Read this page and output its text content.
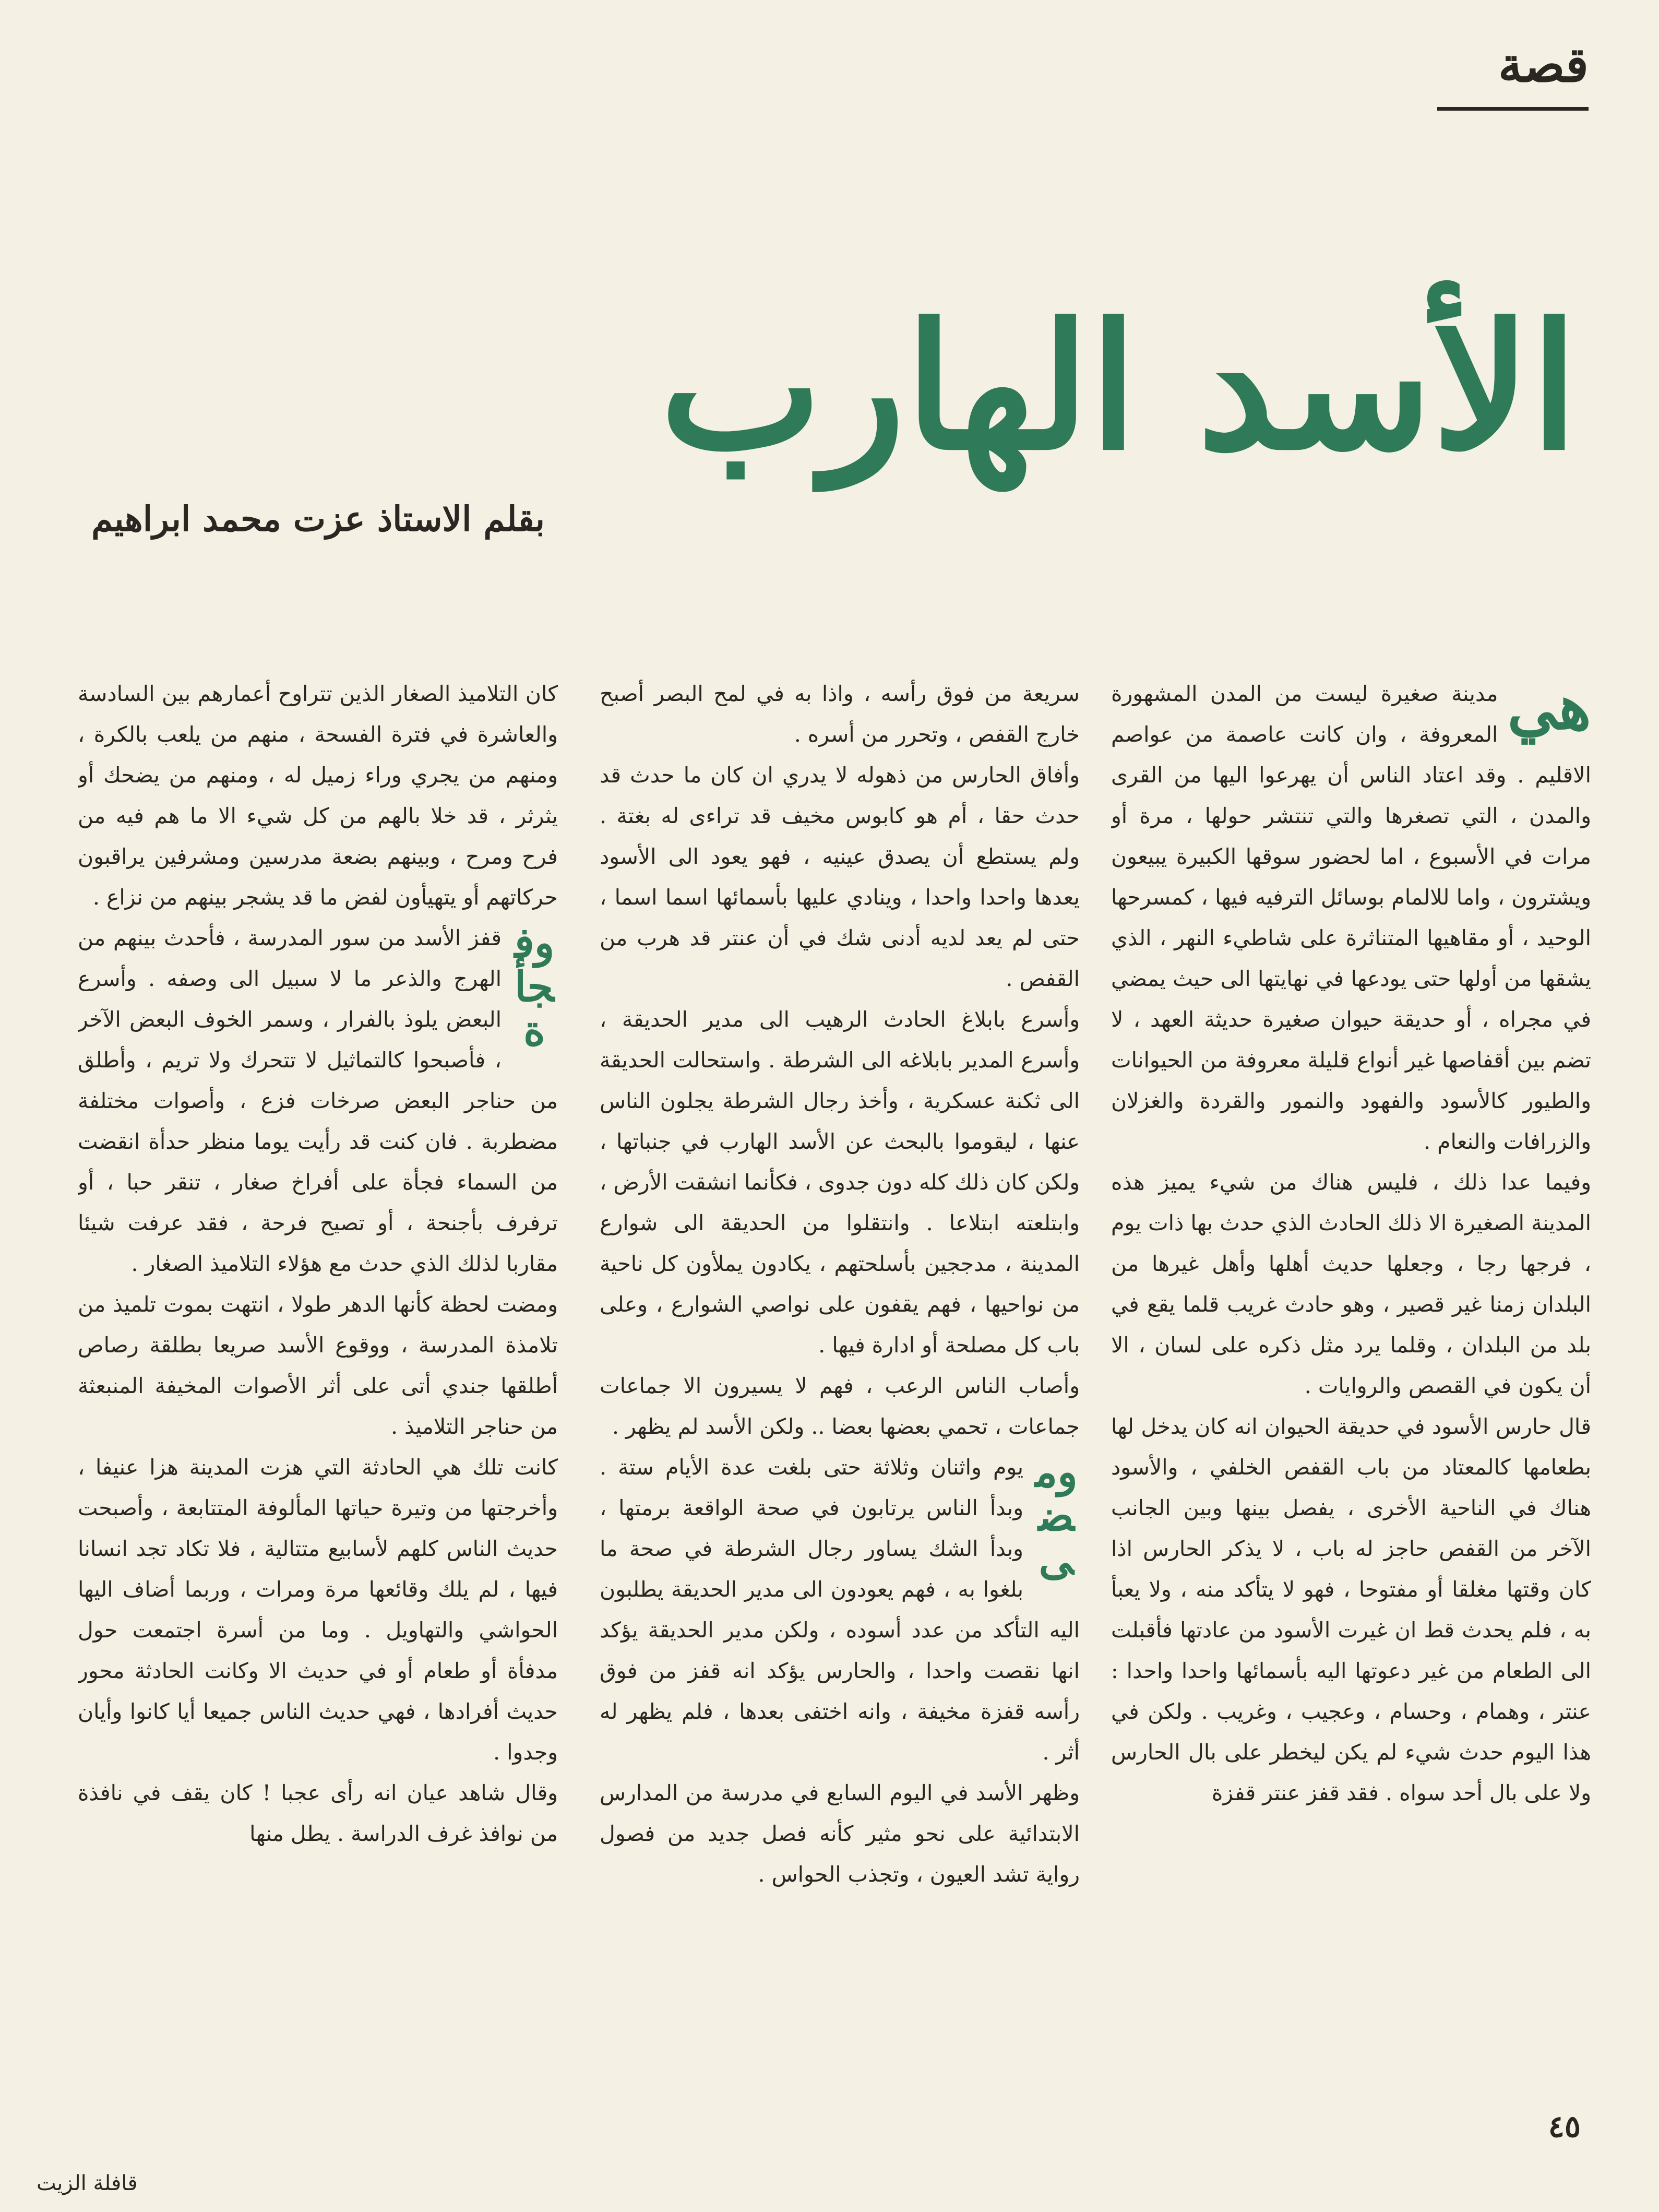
قصة
الأسد الهارب
بقلم الاستاذ عزت محمد ابراهيم
هي

مدينة صغيرة ليست من المدن المشهورة المعروفة ، وان كانت عاصمة من عواصم الاقليم . وقد اعتاد الناس أن يهرعوا اليها من القرى والمدن ، التي تصغرها والتي تنتشر حولها ، مرة أو مرات في الأسبوع ، اما لحضور سوقها الكبيرة يبيعون ويشترون ، واما للالمام بوسائل الترفيه فيها ، كمسرحها الوحيد ، أو مقاهيها المتناثرة على شاطيء النهر ، الذي يشقها من أولها حتى يودعها في نهايتها الى حيث يمضي في مجراه ، أو حديقة حيوان صغيرة حديثة العهد ، لا تضم بين أقفاصها غير أنواع قليلة معروفة من الحيوانات والطيور كالأسود والفهود والنمور والقردة والغزلان والزرافات والنعام .

وفيما عدا ذلك ، فليس هناك من شيء يميز هذه المدينة الصغيرة الا ذلك الحادث الذي حدث بها ذات يوم ، فرجها رجا ، وجعلها حديث أهلها وأهل غيرها من البلدان زمنا غير قصير ، وهو حادث غريب قلما يقع في بلد من البلدان ، وقلما يرد مثل ذكره على لسان ، الا أن يكون في القصص والروايات .

قال حارس الأسود في حديقة الحيوان انه كان يدخل لها بطعامها كالمعتاد من باب القفص الخلفي ، والأسود هناك في الناحية الأخرى ، يفصل بينها وبين الجانب الآخر من القفص حاجز له باب ، لا يذكر الحارس اذا كان وقتها مغلقا أو مفتوحا ، فهو لا يتأكد منه ، ولا يعبأ به ، فلم يحدث قط ان غيرت الأسود من عادتها فأقبلت الى الطعام من غير دعوتها اليه بأسمائها واحدا واحدا : عنتر ، وهمام ، وحسام ، وعجيب ، وغريب . ولكن في هذا اليوم حدث شيء لم يكن ليخطر على بال الحارس ولا على بال أحد سواه . فقد قفز عنتر قفزة

سريعة من فوق رأسه ، واذا به في لمح البصر أصبح خارج القفص ، وتحرر من أسره .

وأفاق الحارس من ذهوله لا يدري ان كان ما حدث قد حدث حقا ، أم هو كابوس مخيف قد تراءى له بغتة . ولم يستطع أن يصدق عينيه ، فهو يعود الى الأسود يعدها واحدا واحدا ، وينادي عليها بأسمائها اسما اسما ، حتى لم يعد لديه أدنى شك في أن عنتر قد هرب من القفص .

وأسرع بابلاغ الحادث الرهيب الى مدير الحديقة ، وأسرع المدير بابلاغه الى الشرطة . واستحالت الحديقة الى ثكنة عسكرية ، وأخذ رجال الشرطة يجلون الناس عنها ، ليقوموا بالبحث عن الأسد الهارب في جنباتها ، ولكن كان ذلك كله دون جدوى ، فكأنما انشقت الأرض ، وابتلعته ابتلاعا . وانتقلوا من الحديقة الى شوارع المدينة ، مدججين بأسلحتهم ، يكادون يملأون كل ناحية من نواحيها ، فهم يقفون على نواصي الشوارع ، وعلى باب كل مصلحة أو ادارة فيها .

وأصاب الناس الرعب ، فهم لا يسيرون الا جماعات جماعات ، تحمي بعضها بعضا .. ولكن الأسد لم يظهر .

ومضى

يوم واثنان وثلاثة حتى بلغت عدة الأيام ستة . وبدأ الناس يرتابون في صحة الواقعة برمتها ، وبدأ الشك يساور رجال الشرطة في صحة ما بلغوا به ، فهم يعودون الى مدير الحديقة يطلبون اليه التأكد من عدد أسوده ، ولكن مدير الحديقة يؤكد انها نقصت واحدا ، والحارس يؤكد انه قفز من فوق رأسه قفزة مخيفة ، وانه اختفى بعدها ، فلم يظهر له أثر .

وظهر الأسد في اليوم السابع في مدرسة من المدارس الابتدائية على نحو مثير كأنه فصل جديد من فصول رواية تشد العيون ، وتجذب الحواس .

كان التلاميذ الصغار الذين تتراوح أعمارهم بين السادسة والعاشرة في فترة الفسحة ، منهم من يلعب بالكرة ، ومنهم من يجري وراء زميل له ، ومنهم من يضحك أو يثرثر ، قد خلا بالهم من كل شيء الا ما هم فيه من فرح ومرح ، وبينهم بضعة مدرسين ومشرفين يراقبون حركاتهم أو يتهيأون لفض ما قد يشجر بينهم من نزاع .

وفجأة

قفز الأسد من سور المدرسة ، فأحدث بينهم من الهرج والذعر ما لا سبيل الى وصفه . وأسرع البعض يلوذ بالفرار ، وسمر الخوف البعض الآخر ، فأصبحوا كالتماثيل لا تتحرك ولا تريم ، وأطلق من حناجر البعض صرخات فزع ، وأصوات مختلفة مضطربة . فان كنت قد رأيت يوما منظر حدأة انقضت من السماء فجأة على أفراخ صغار ، تنقر حبا ، أو ترفرف بأجنحة ، أو تصيح فرحة ، فقد عرفت شيئا مقاربا لذلك الذي حدث مع هؤلاء التلاميذ الصغار .

ومضت لحظة كأنها الدهر طولا ، انتهت بموت تلميذ من تلامذة المدرسة ، ووقوع الأسد صريعا بطلقة رصاص أطلقها جندي أتى على أثر الأصوات المخيفة المنبعثة من حناجر التلاميذ .

كانت تلك هي الحادثة التي هزت المدينة هزا عنيفا ، وأخرجتها من وتيرة حياتها المألوفة المتتابعة ، وأصبحت حديث الناس كلهم لأسابيع متتالية ، فلا تكاد تجد انسانا فيها ، لم يلك وقائعها مرة ومرات ، وربما أضاف اليها الحواشي والتهاويل . وما من أسرة اجتمعت حول مدفأة أو طعام أو في حديث الا وكانت الحادثة محور حديث أفرادها ، فهي حديث الناس جميعا أيا كانوا وأيان وجدوا .

وقال شاهد عيان انه رأى عجبا ! كان يقف في نافذة من نوافذ غرف الدراسة . يطل منها

٤٥
قافلة الزيت
